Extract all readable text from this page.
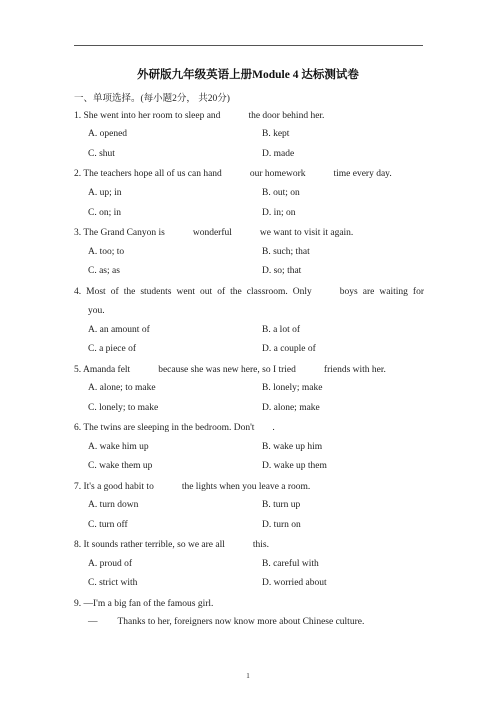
外研版九年级英语上册Module 4 达标测试卷
一、单项选择。(每小题2分， 共20分)
1. She went into her room to sleep and	the door behind her.
A. opened	B. kept
C. shut	D. made
2. The teachers hope all of us can hand	our homework	time every day.
A. up; in	B. out; on
C. on; in	D. in; on
3. The Grand Canyon is	wonderful	we want to visit it again.
A. too; to	B. such; that
C. as; as	D. so; that
4. Most of the students went out of the classroom. Only	boys are waiting for
you.
A. an amount of	B. a lot of
C. a piece of	D. a couple of
5. Amanda felt	because she was new here, so I tried	friends with her.
A. alone; to make	B. lonely; make
C. lonely; to make	D. alone; make
6. The twins are sleeping in the bedroom. Don't .
A. wake him up	B. wake up him
C. wake them up	D. wake up them
7. It's a good habit to	the lights when you leave a room.
A. turn down	B. turn up
C. turn off	D. turn on
8. It sounds rather terrible, so we are all	this.
A. proud of	B. careful with
C. strict with	D. worried about
9. —I'm a big fan of the famous girl.
— Thanks to her, foreigners now know more about Chinese culture.
1
